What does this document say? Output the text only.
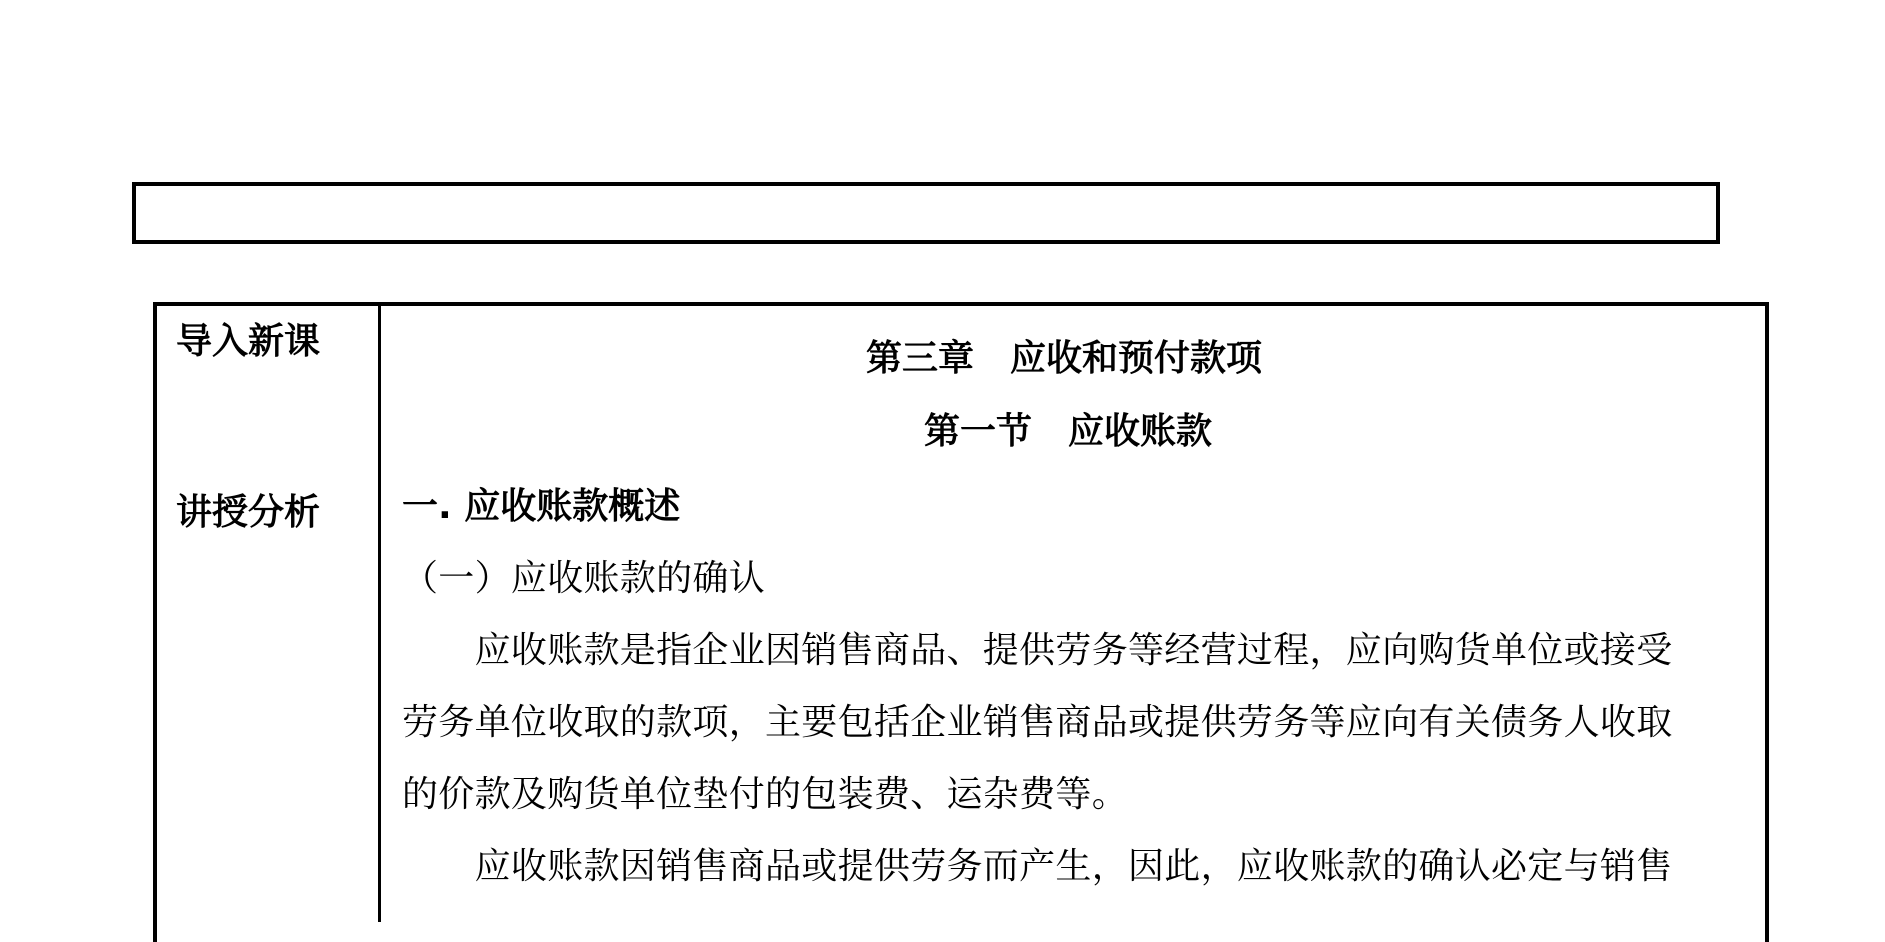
导入新课
讲授分析
第三章　应收和预付款项
第一节　应收账款
一. 应收账款概述
（一）应收账款的确认
　　应收账款是指企业因销售商品、提供劳务等经营过程，应向购货单位或接受
劳务单位收取的款项，主要包括企业销售商品或提供劳务等应向有关债务人收取
的价款及购货单位垫付的包装费、运杂费等。
　　应收账款因销售商品或提供劳务而产生，因此，应收账款的确认必定与销售
